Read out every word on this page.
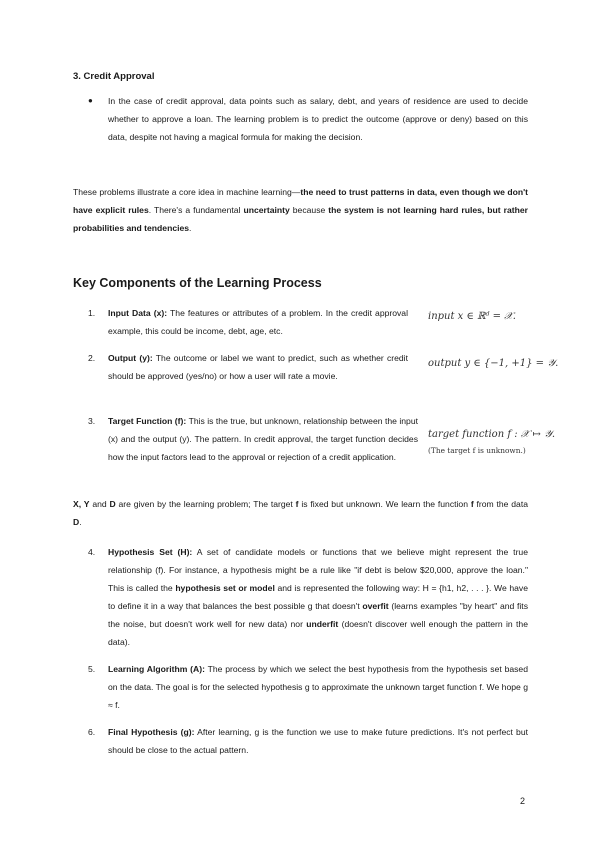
3. Credit Approval
● In the case of credit approval, data points such as salary, debt, and years of residence are used to decide whether to approve a loan. The learning problem is to predict the outcome (approve or deny) based on this data, despite not having a magical formula for making the decision.
These problems illustrate a core idea in machine learning—the need to trust patterns in data, even though we don't have explicit rules. There's a fundamental uncertainty because the system is not learning hard rules, but rather probabilities and tendencies.
Key Components of the Learning Process
1. Input Data (x): The features or attributes of a problem. In the credit approval example, this could be income, debt, age, etc.
input x ∈ ℝᵈ = 𝒳.
2. Output (y): The outcome or label we want to predict, such as whether credit should be approved (yes/no) or how a user will rate a movie.
output y ∈ {−1, +1} = 𝒴.
3. Target Function (f): This is the true, but unknown, relationship between the input (x) and the output (y). The pattern. In credit approval, the target function decides how the input factors lead to the approval or rejection of a credit application.
target function f : 𝒳 ↦ 𝒴.
(The target f is unknown.)
X, Y and D are given by the learning problem; The target f is fixed but unknown. We learn the function f from the data D.
4. Hypothesis Set (H): A set of candidate models or functions that we believe might represent the true relationship (f). For instance, a hypothesis might be a rule like "if debt is below $20,000, approve the loan." This is called the hypothesis set or model and is represented the following way: H = {h1, h2, . . . }. We have to define it in a way that balances the best possible g that doesn't overfit (learns examples "by heart" and fits the noise, but doesn't work well for new data) nor underfit (doesn't discover well enough the pattern in the data).
5. Learning Algorithm (A): The process by which we select the best hypothesis from the hypothesis set based on the data. The goal is for the selected hypothesis g to approximate the unknown target function f. We hope g ≈ f.
6. Final Hypothesis (g): After learning, g is the function we use to make future predictions. It's not perfect but should be close to the actual pattern.
2
